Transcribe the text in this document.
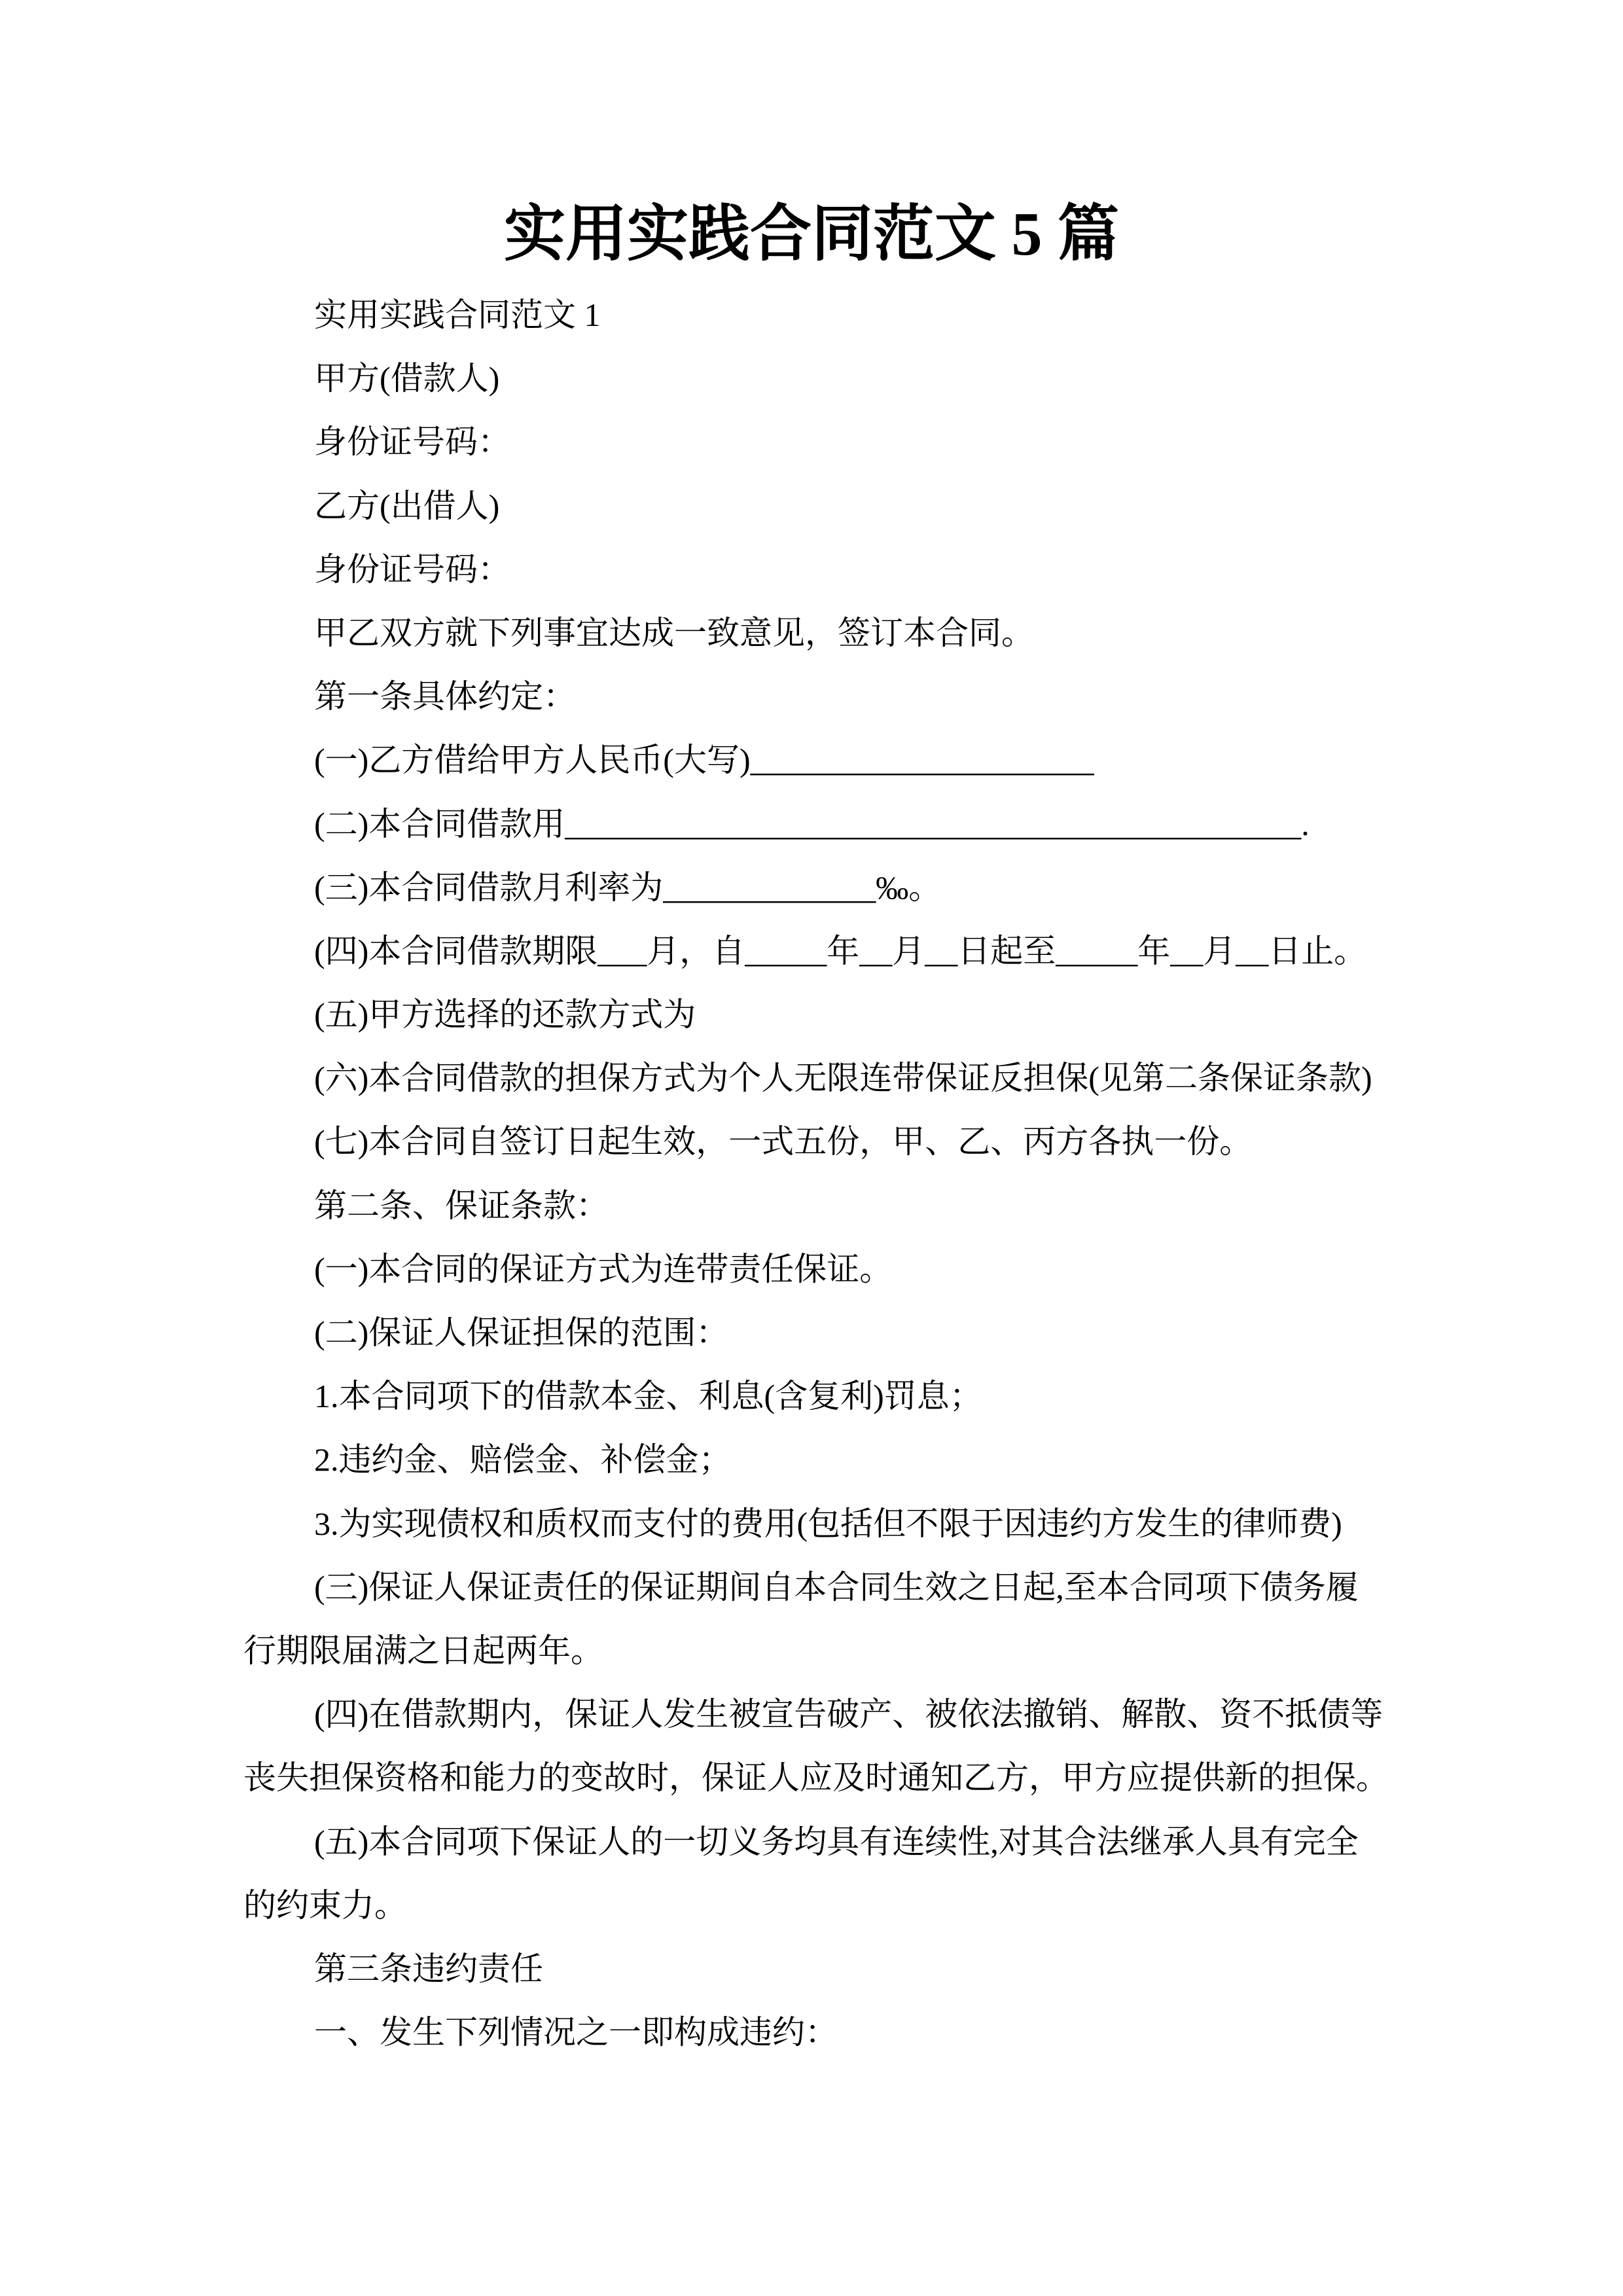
实用实践合同范文 5 篇
实用实践合同范文 1
甲方(借款人)
身份证号码：
乙方(出借人)
身份证号码：
甲乙双方就下列事宜达成一致意见，签订本合同。
第一条具体约定：
(一)乙方借给甲方人民币(大写)_____________________
(二)本合同借款用_____________________________________________.
(三)本合同借款月利率为_____________‰。
(四)本合同借款期限___月，自_____年__月__日起至_____年__月__日止。
(五)甲方选择的还款方式为
(六)本合同借款的担保方式为个人无限连带保证反担保(见第二条保证条款)
(七)本合同自签订日起生效，一式五份，甲、乙、丙方各执一份。
第二条、保证条款：
(一)本合同的保证方式为连带责任保证。
(二)保证人保证担保的范围：
1.本合同项下的借款本金、利息(含复利)罚息；
2.违约金、赔偿金、补偿金；
3.为实现债权和质权而支付的费用(包括但不限于因违约方发生的律师费)
(三)保证人保证责任的保证期间自本合同生效之日起,至本合同项下债务履
行期限届满之日起两年。
(四)在借款期内，保证人发生被宣告破产、被依法撤销、解散、资不抵债等
丧失担保资格和能力的变故时，保证人应及时通知乙方，甲方应提供新的担保。
(五)本合同项下保证人的一切义务均具有连续性,对其合法继承人具有完全
的约束力。
第三条违约责任
一、发生下列情况之一即构成违约：
